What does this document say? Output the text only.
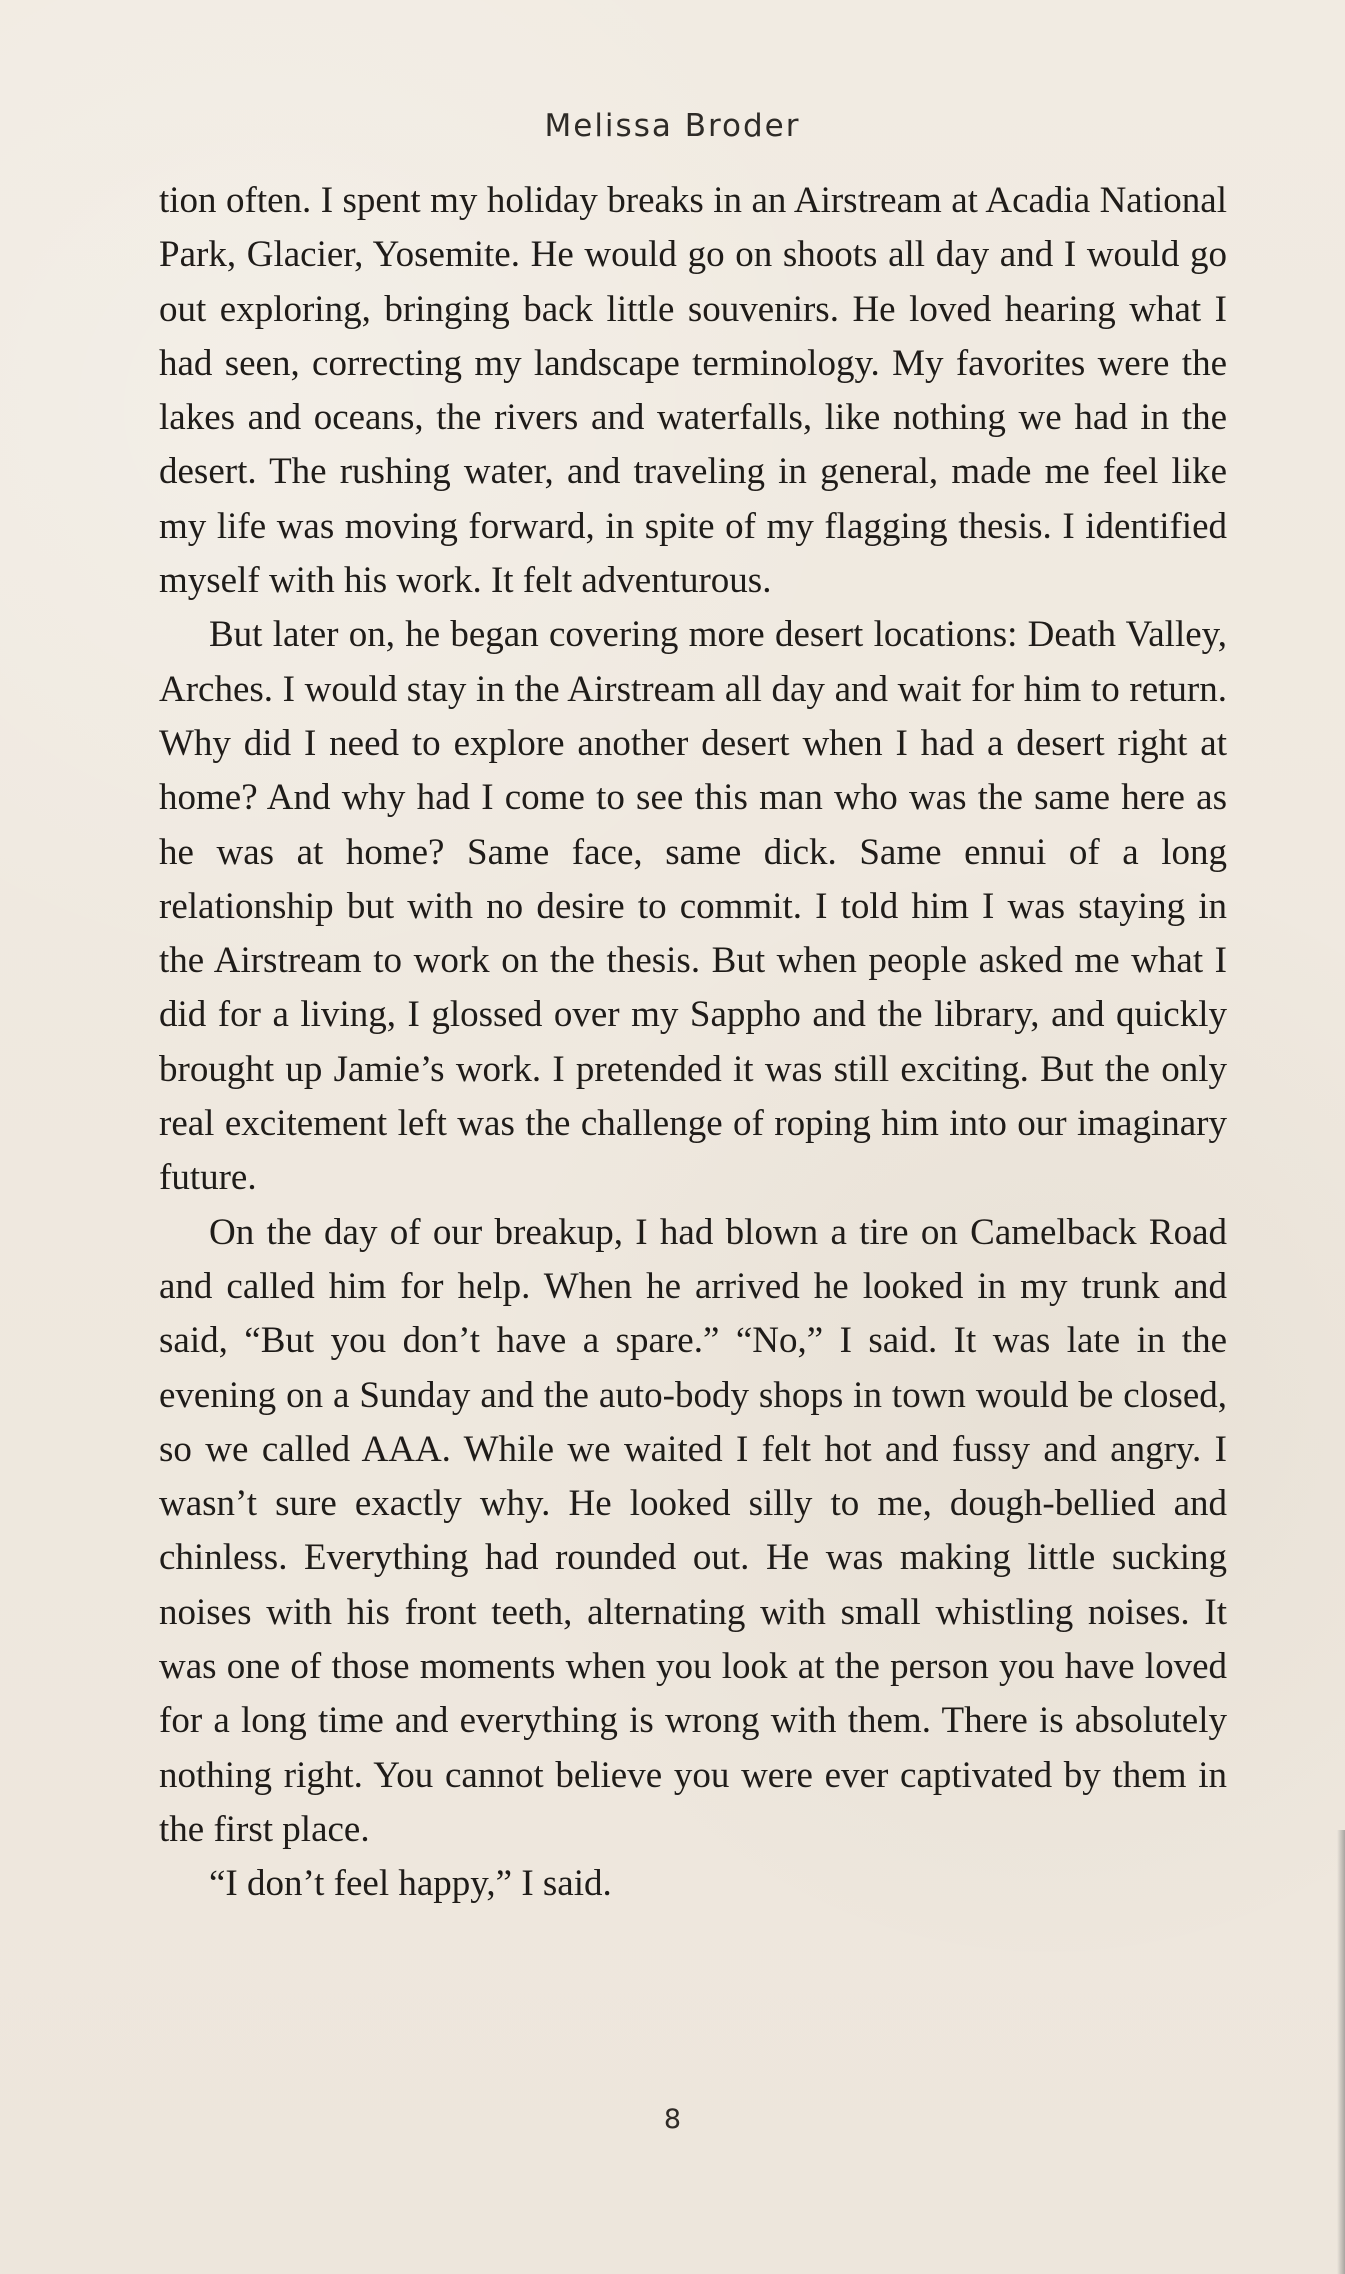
Melissa Broder

tion often. I spent my holiday breaks in an Airstream at Acadia National Park, Glacier, Yosemite. He would go on shoots all day and I would go out exploring, bringing back little souvenirs. He loved hearing what I had seen, correcting my landscape terminology. My favorites were the lakes and oceans, the rivers and waterfalls, like nothing we had in the desert. The rushing water, and traveling in general, made me feel like my life was moving forward, in spite of my flagging thesis. I identified myself with his work. It felt adventurous.

But later on, he began covering more desert locations: Death Valley, Arches. I would stay in the Airstream all day and wait for him to return. Why did I need to explore another desert when I had a desert right at home? And why had I come to see this man who was the same here as he was at home? Same face, same dick. Same ennui of a long relationship but with no desire to commit. I told him I was staying in the Airstream to work on the thesis. But when people asked me what I did for a living, I glossed over my Sappho and the library, and quickly brought up Jamie’s work. I pretended it was still exciting. But the only real excitement left was the challenge of roping him into our imaginary future.

On the day of our breakup, I had blown a tire on Camelback Road and called him for help. When he arrived he looked in my trunk and said, “But you don’t have a spare.” “No,” I said. It was late in the evening on a Sunday and the auto-body shops in town would be closed, so we called AAA. While we waited I felt hot and fussy and angry. I wasn’t sure exactly why. He looked silly to me, dough-bellied and chinless. Everything had rounded out. He was making little sucking noises with his front teeth, alternating with small whistling noises. It was one of those moments when you look at the person you have loved for a long time and everything is wrong with them. There is absolutely nothing right. You cannot believe you were ever captivated by them in the first place.

“I don’t feel happy,” I said.

8
